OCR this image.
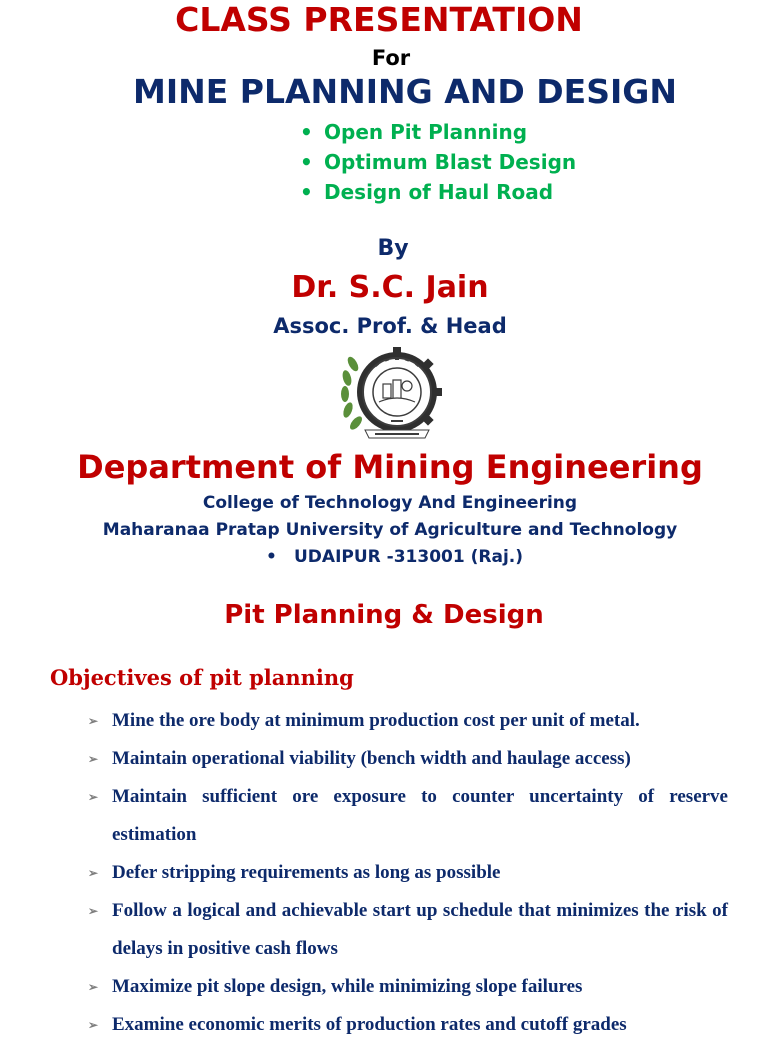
CLASS PRESENTATION
For
MINE PLANNING AND DESIGN
• Open Pit Planning
• Optimum Blast Design
• Design of Haul Road
By
Dr. S.C. Jain
Assoc. Prof. & Head
Department of Mining Engineering
College of Technology And Engineering
Maharanaa Pratap University of Agriculture and Technology
• UDAIPUR -313001 (Raj.)
Pit Planning & Design
Objectives of pit planning
➢ Mine the ore body at minimum production cost per unit of metal.
➢ Maintain operational viability (bench width and haulage access)
➢ Maintain sufficient ore exposure to counter uncertainty of reserve estimation
➢ Defer stripping requirements as long as possible
➢ Follow a logical and achievable start up schedule that minimizes the risk of delays in positive cash flows
➢ Maximize pit slope design, while minimizing slope failures
➢ Examine economic merits of production rates and cutoff grades
